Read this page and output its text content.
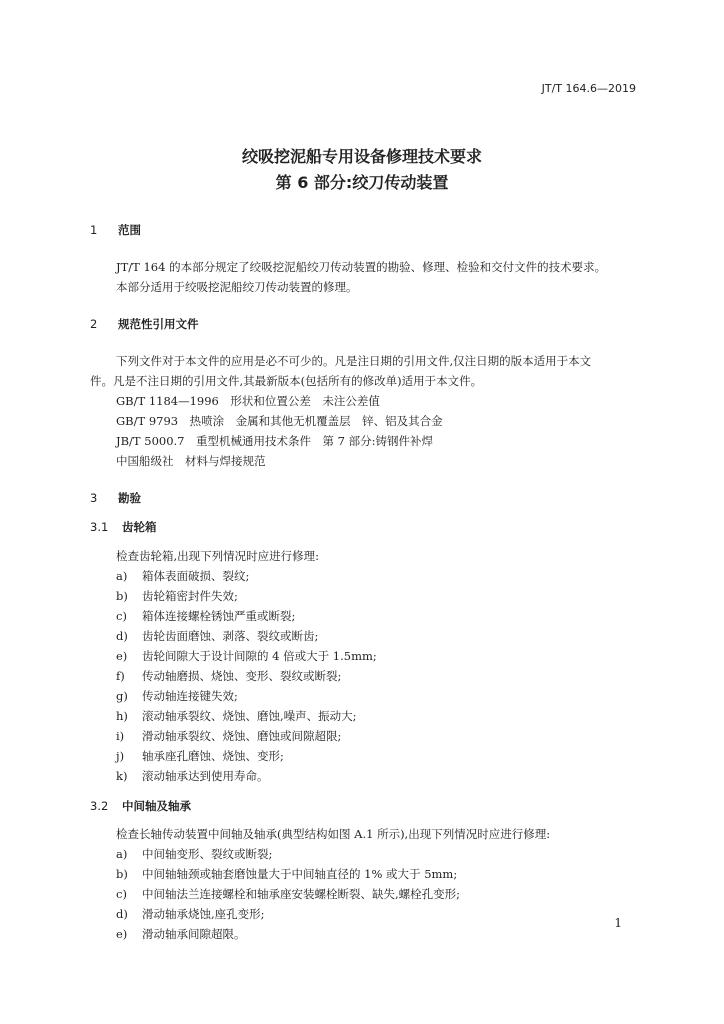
JT/T 164.6—2019
绞吸挖泥船专用设备修理技术要求
第 6 部分:绞刀传动装置
1 范围
JT/T 164 的本部分规定了绞吸挖泥船绞刀传动装置的勘验、修理、检验和交付文件的技术要求。
本部分适用于绞吸挖泥船绞刀传动装置的修理。
2 规范性引用文件
下列文件对于本文件的应用是必不可少的。凡是注日期的引用文件,仅注日期的版本适用于本文
件。凡是不注日期的引用文件,其最新版本(包括所有的修改单)适用于本文件。
GB/T 1184—1996　形状和位置公差　未注公差值
GB/T 9793　热喷涂　金属和其他无机覆盖层　锌、铝及其合金
JB/T 5000.7　重型机械通用技术条件　第 7 部分:铸钢件补焊
中国船级社　材料与焊接规范
3 勘验
3.1 齿轮箱
检查齿轮箱,出现下列情况时应进行修理:
a) 箱体表面破损、裂纹;
b) 齿轮箱密封件失效;
c) 箱体连接螺栓锈蚀严重或断裂;
d) 齿轮齿面磨蚀、剥落、裂纹或断齿;
e) 齿轮间隙大于设计间隙的 4 倍或大于 1.5mm;
f) 传动轴磨损、烧蚀、变形、裂纹或断裂;
g) 传动轴连接键失效;
h) 滚动轴承裂纹、烧蚀、磨蚀,噪声、振动大;
i) 滑动轴承裂纹、烧蚀、磨蚀或间隙超限;
j) 轴承座孔磨蚀、烧蚀、变形;
k) 滚动轴承达到使用寿命。
3.2 中间轴及轴承
检查长轴传动装置中间轴及轴承(典型结构如图 A.1 所示),出现下列情况时应进行修理:
a) 中间轴变形、裂纹或断裂;
b) 中间轴轴颈或轴套磨蚀量大于中间轴直径的 1% 或大于 5mm;
c) 中间轴法兰连接螺栓和轴承座安装螺栓断裂、缺失,螺栓孔变形;
d) 滑动轴承烧蚀,座孔变形;
e) 滑动轴承间隙超限。
1
